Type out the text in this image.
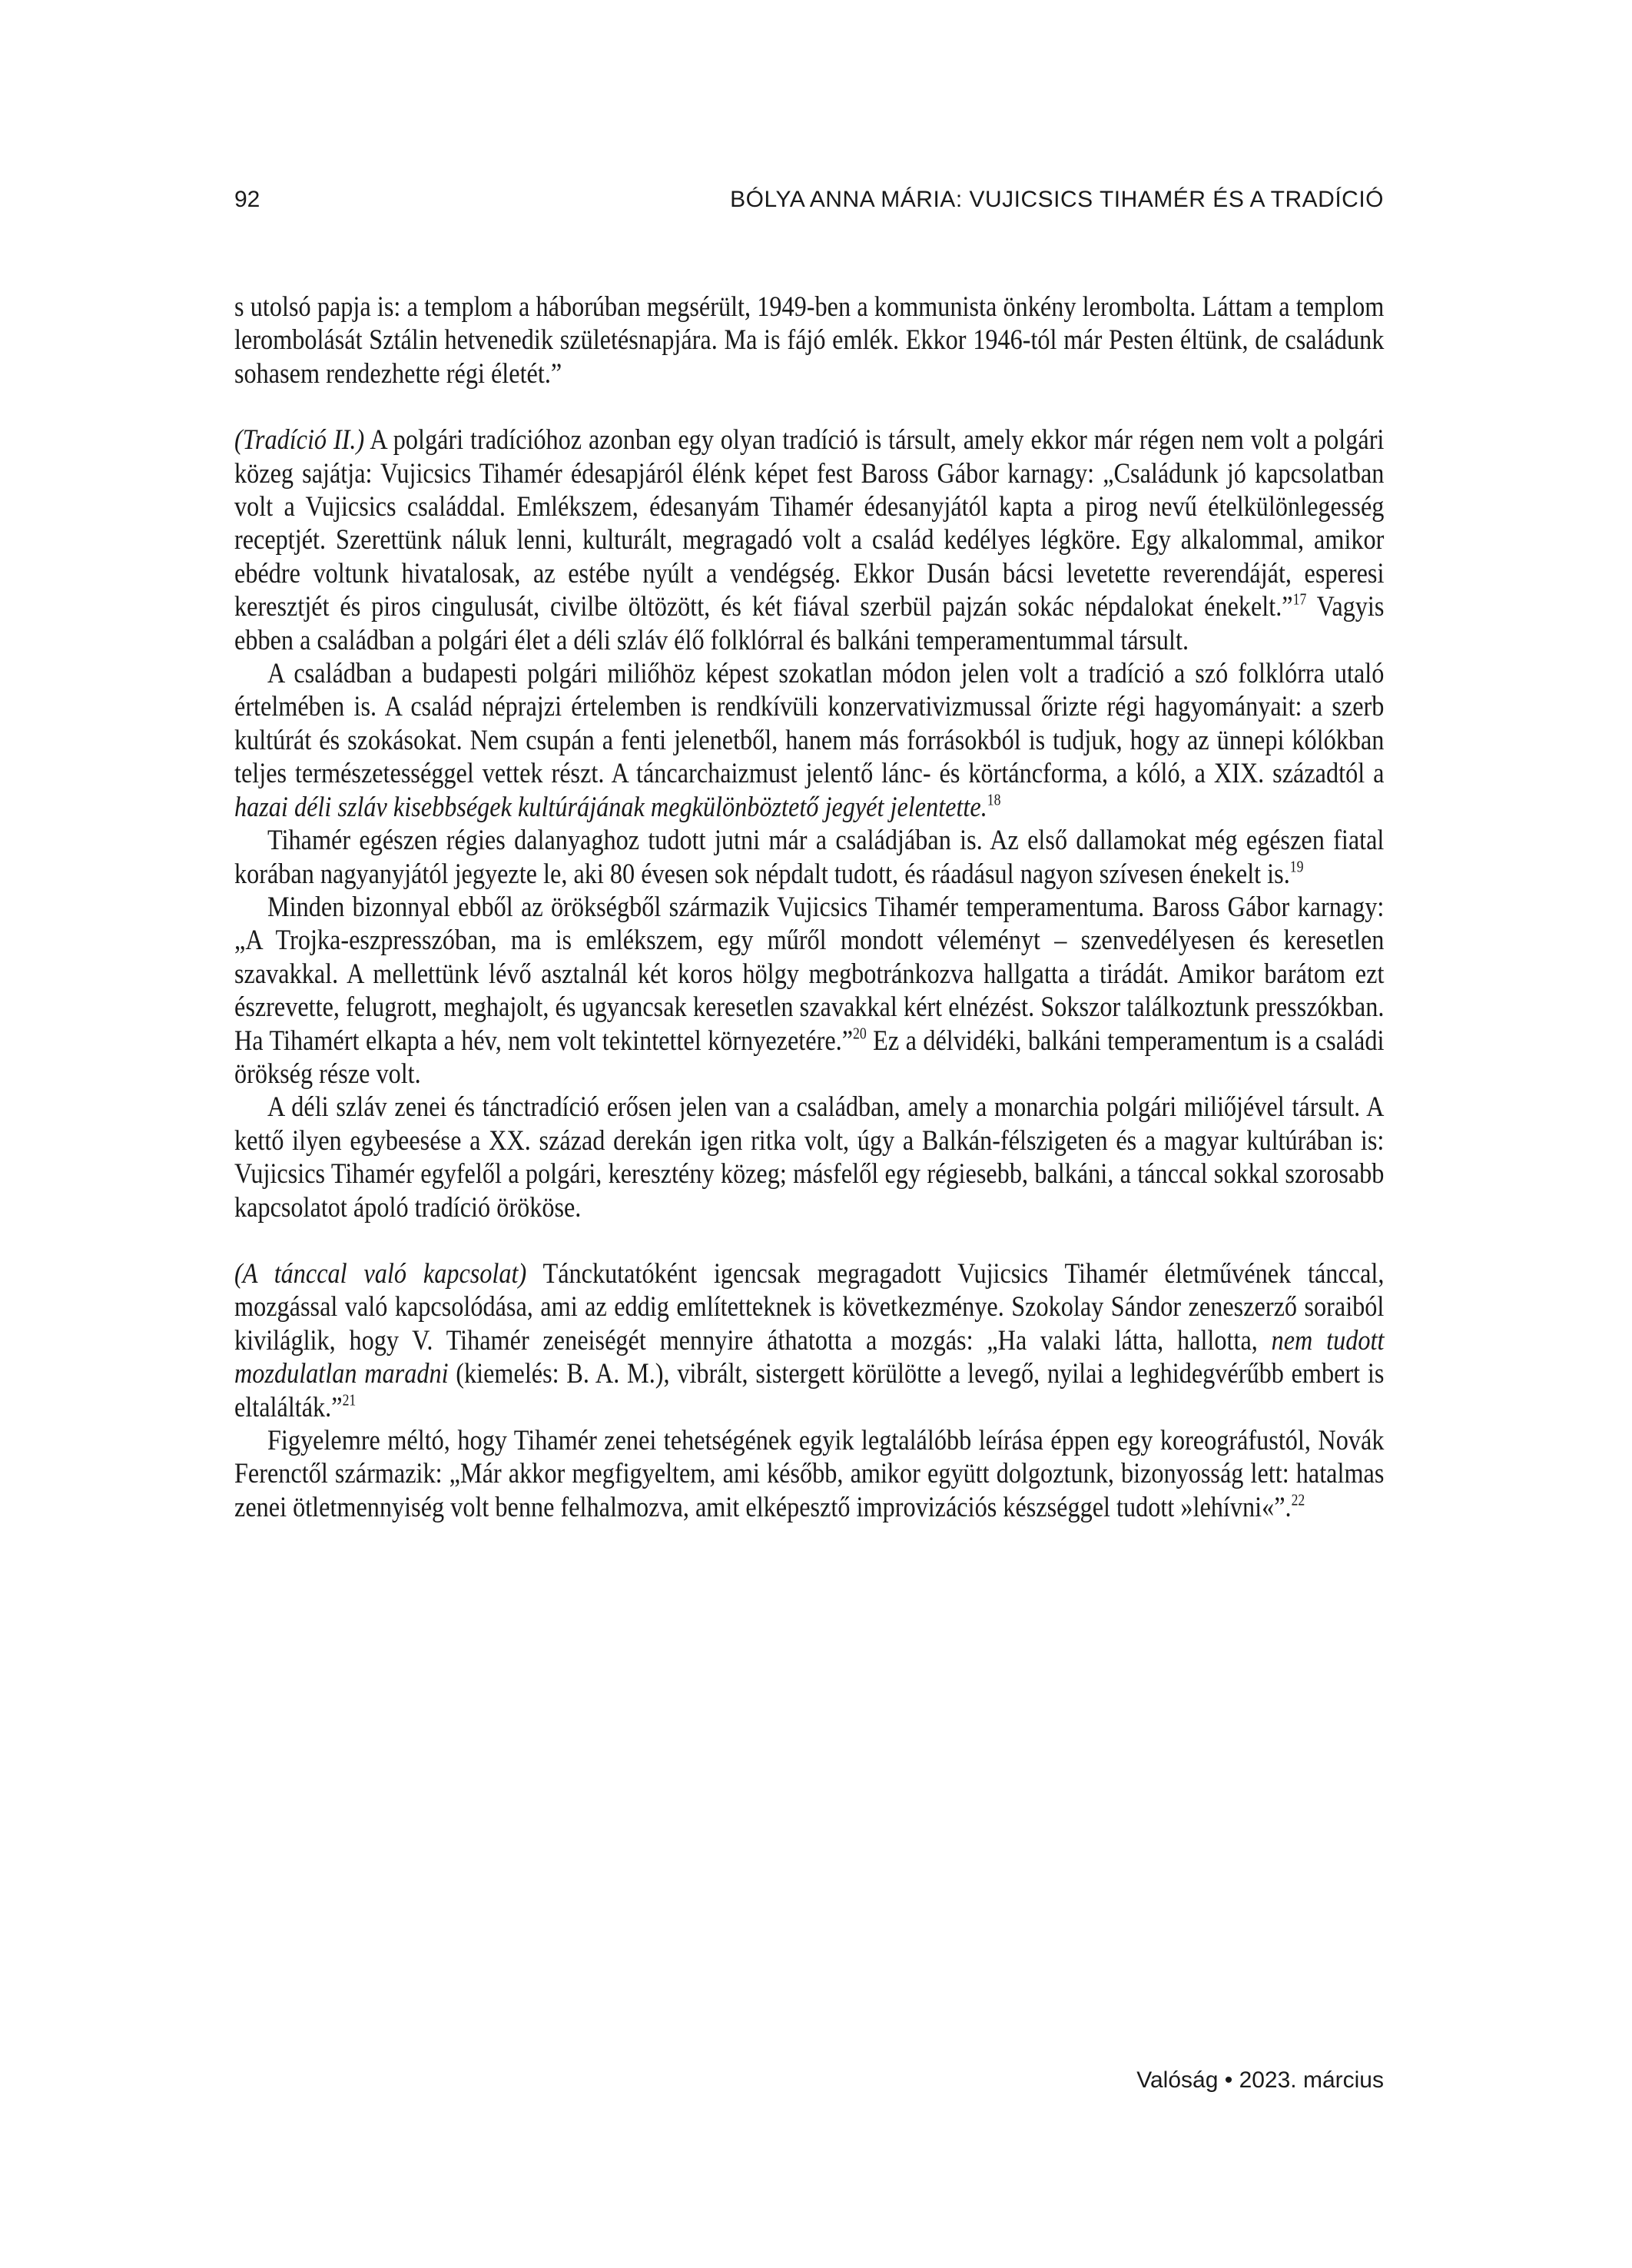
92	BÓLYA ANNA MÁRIA: VUJICSICS TIHAMÉR ÉS A TRADÍCIÓ

s utolsó papja is: a templom a háborúban megsérült, 1949-ben a kommunista önkény lerombolta. Láttam a templom lerombolását Sztálin hetvenedik születésnapjára. Ma is fájó emlék. Ekkor 1946-tól már Pesten éltünk, de családunk sohasem rendezhette régi életét.”

(Tradíció II.) A polgári tradícióhoz azonban egy olyan tradíció is társult, amely ekkor már régen nem volt a polgári közeg sajátja: Vujicsics Tihamér édesapjáról élénk képet fest Baross Gábor karnagy: „Családunk jó kapcsolatban volt a Vujicsics családdal. Emlékszem, édesanyám Tihamér édesanyjától kapta a pirog nevű ételkülönlegesség receptjét. Szerettünk náluk lenni, kulturált, megragadó volt a család kedélyes légköre. Egy alkalommal, amikor ebédre voltunk hivatalosak, az estébe nyúlt a vendégség. Ekkor Dusán bácsi levetette reverendáját, esperesi keresztjét és piros cingulusát, civilbe öltözött, és két fiával szerbül pajzán sokác népdalokat énekelt.”$^{17}$ Vagyis ebben a családban a polgári élet a déli szláv élő folklórral és balkáni temperamentummal társult.

A családban a budapesti polgári miliőhöz képest szokatlan módon jelen volt a tradíció a szó folklórra utaló értelmében is. A család néprajzi értelemben is rendkívüli konzervativizmussal őrizte régi hagyományait: a szerb kultúrát és szokásokat. Nem csupán a fenti jelenetből, hanem más forrásokból is tudjuk, hogy az ünnepi kólókban teljes természetességgel vettek részt. A táncarchaizmust jelentő lánc- és körtáncforma, a kóló, a XIX. századtól a hazai déli szláv kisebbségek kultúrájának megkülönböztető jegyét jelentette.$^{18}$

Tihamér egészen régies dalanyaghoz tudott jutni már a családjában is. Az első dallamokat még egészen fiatal korában nagyanyjától jegyezte le, aki 80 évesen sok népdalt tudott, és ráadásul nagyon szívesen énekelt is.$^{19}$

Minden bizonnyal ebből az örökségből származik Vujicsics Tihamér temperamentuma. Baross Gábor karnagy: „A Trojka-eszpresszóban, ma is emlékszem, egy műről mondott véleményt – szenvedélyesen és keresetlen szavakkal. A mellettünk lévő asztalnál két koros hölgy megbotránkozva hallgatta a tirádát. Amikor barátom ezt észrevette, felugrott, meghajolt, és ugyancsak keresetlen szavakkal kért elnézést. Sokszor találkoztunk presszókban. Ha Tihamért elkapta a hév, nem volt tekintettel környezetére.”$^{20}$ Ez a délvidéki, balkáni temperamentum is a családi örökség része volt.

A déli szláv zenei és tánctradíció erősen jelen van a családban, amely a monarchia polgári miliőjével társult. A kettő ilyen egybeesése a XX. század derekán igen ritka volt, úgy a Balkán-félszigeten és a magyar kultúrában is: Vujicsics Tihamér egyfelől a polgári, keresztény közeg; másfelől egy régiesebb, balkáni, a tánccal sokkal szorosabb kapcsolatot ápoló tradíció örököse.

(A tánccal való kapcsolat) Tánckutatóként igencsak megragadott Vujicsics Tihamér életművének tánccal, mozgással való kapcsolódása, ami az eddig említetteknek is következménye. Szokolay Sándor zeneszerző soraiból kiviláglik, hogy V. Tihamér zeneiségét mennyire áthatotta a mozgás: „Ha valaki látta, hallotta, nem tudott mozdulatlan maradni (kiemelés: B. A. M.), vibrált, sistergett körülötte a levegő, nyilai a leghidegvérűbb embert is eltalálták.”$^{21}$

Figyelemre méltó, hogy Tihamér zenei tehetségének egyik legtalálóbb leírása éppen egy koreográfustól, Novák Ferenctől származik: „Már akkor megfigyeltem, ami később, amikor együtt dolgoztunk, bizonyosság lett: hatalmas zenei ötletmennyiség volt benne felhalmozva, amit elképesztő improvizációs készséggel tudott »lehívni«”.$^{22}$

Valóság • 2023. március
